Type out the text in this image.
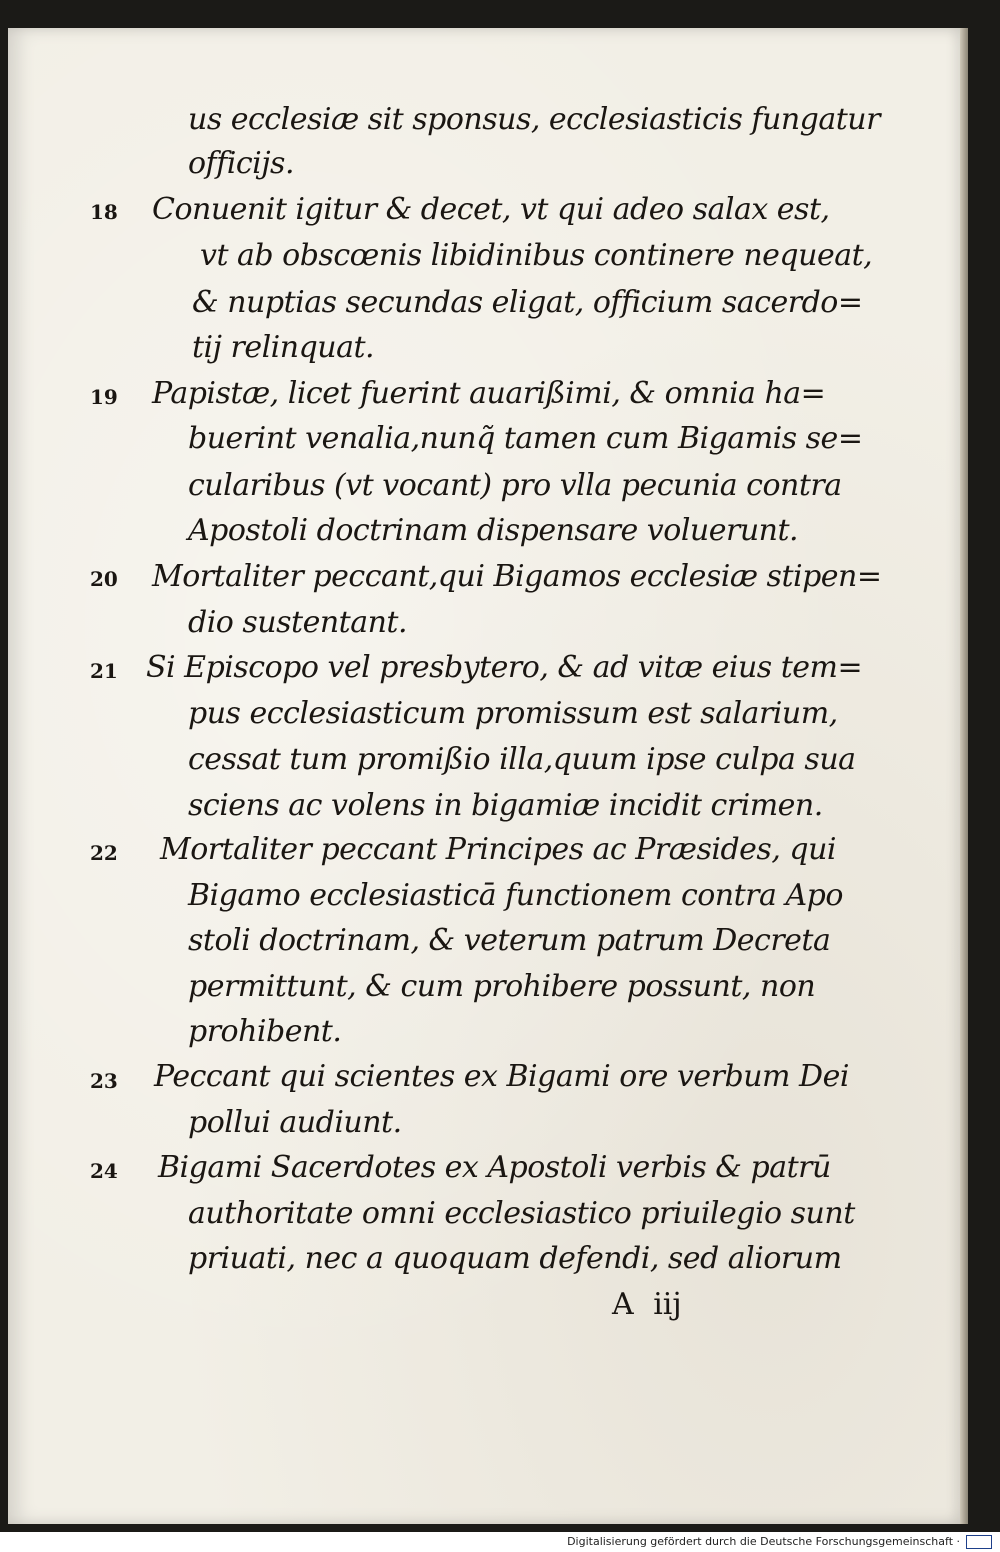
us ecclesiæ sit sponsus, ecclesiasticis fungatur
officijs.
18 Conuenit igitur & decet, vt qui adeo salax est,
vt ab obscœnis libidinibus continere nequeat,
& nuptias secundas eligat, officium sacerdo=
tij relinquat.
19 Papistæ, licet fuerint auarißimi, & omnia ha=
buerint venalia,nunq̃ tamen cum Bigamis se=
cularibus (vt vocant) pro vlla pecunia contra
Apostoli doctrinam dispensare voluerunt.
20 Mortaliter peccant,qui Bigamos ecclesiæ stipen=
dio sustentant.
21 Si Episcopo vel presbytero, & ad vitæ eius tem=
pus ecclesiasticum promissum est salarium,
cessat tum promißio illa,quum ipse culpa sua
sciens ac volens in bigamiæ incidit crimen.
22 Mortaliter peccant Principes ac Præsides, qui
Bigamo ecclesiasticā functionem contra Apo
stoli doctrinam, & veterum patrum Decreta
permittunt, & cum prohibere possunt, non
prohibent.
23 Peccant qui scientes ex Bigami ore verbum Dei
pollui audiunt.
24 Bigami Sacerdotes ex Apostoli verbis & patrū
authoritate omni ecclesiastico priuilegio sunt
priuati, nec a quoquam defendi, sed aliorum
A iij
Digitalisierung gefördert durch die Deutsche Forschungsgemeinschaft ·
